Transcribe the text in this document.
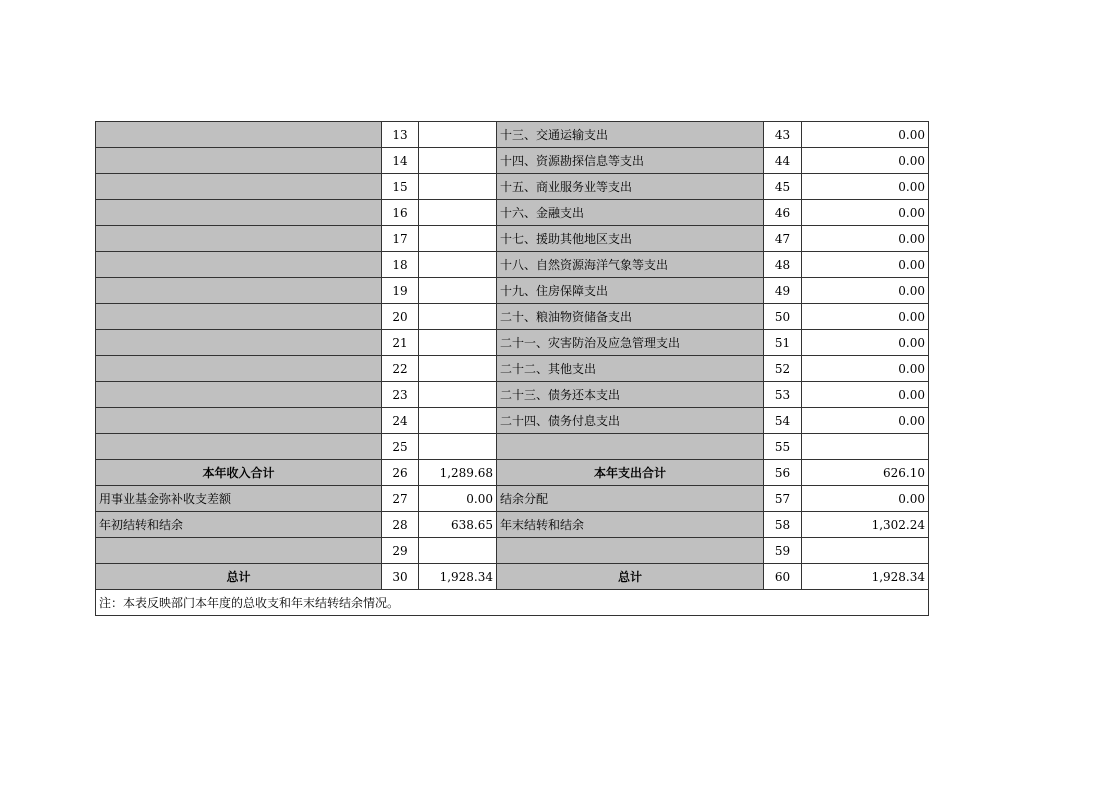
	13		十三、交通运输支出	43	0.00
	14		十四、资源勘探信息等支出	44	0.00
	15		十五、商业服务业等支出	45	0.00
	16		十六、金融支出	46	0.00
	17		十七、援助其他地区支出	47	0.00
	18		十八、自然资源海洋气象等支出	48	0.00
	19		十九、住房保障支出	49	0.00
	20		二十、粮油物资储备支出	50	0.00
	21		二十一、灾害防治及应急管理支出	51	0.00
	22		二十二、其他支出	52	0.00
	23		二十三、债务还本支出	53	0.00
	24		二十四、债务付息支出	54	0.00
	25			55	
本年收入合计	26	1,289.68	本年支出合计	56	626.10
用事业基金弥补收支差额	27	0.00	结余分配	57	0.00
年初结转和结余	28	638.65	年末结转和结余	58	1,302.24
	29			59	
总计	30	1,928.34	总计	60	1,928.34
注：本表反映部门本年度的总收支和年末结转结余情况。					
